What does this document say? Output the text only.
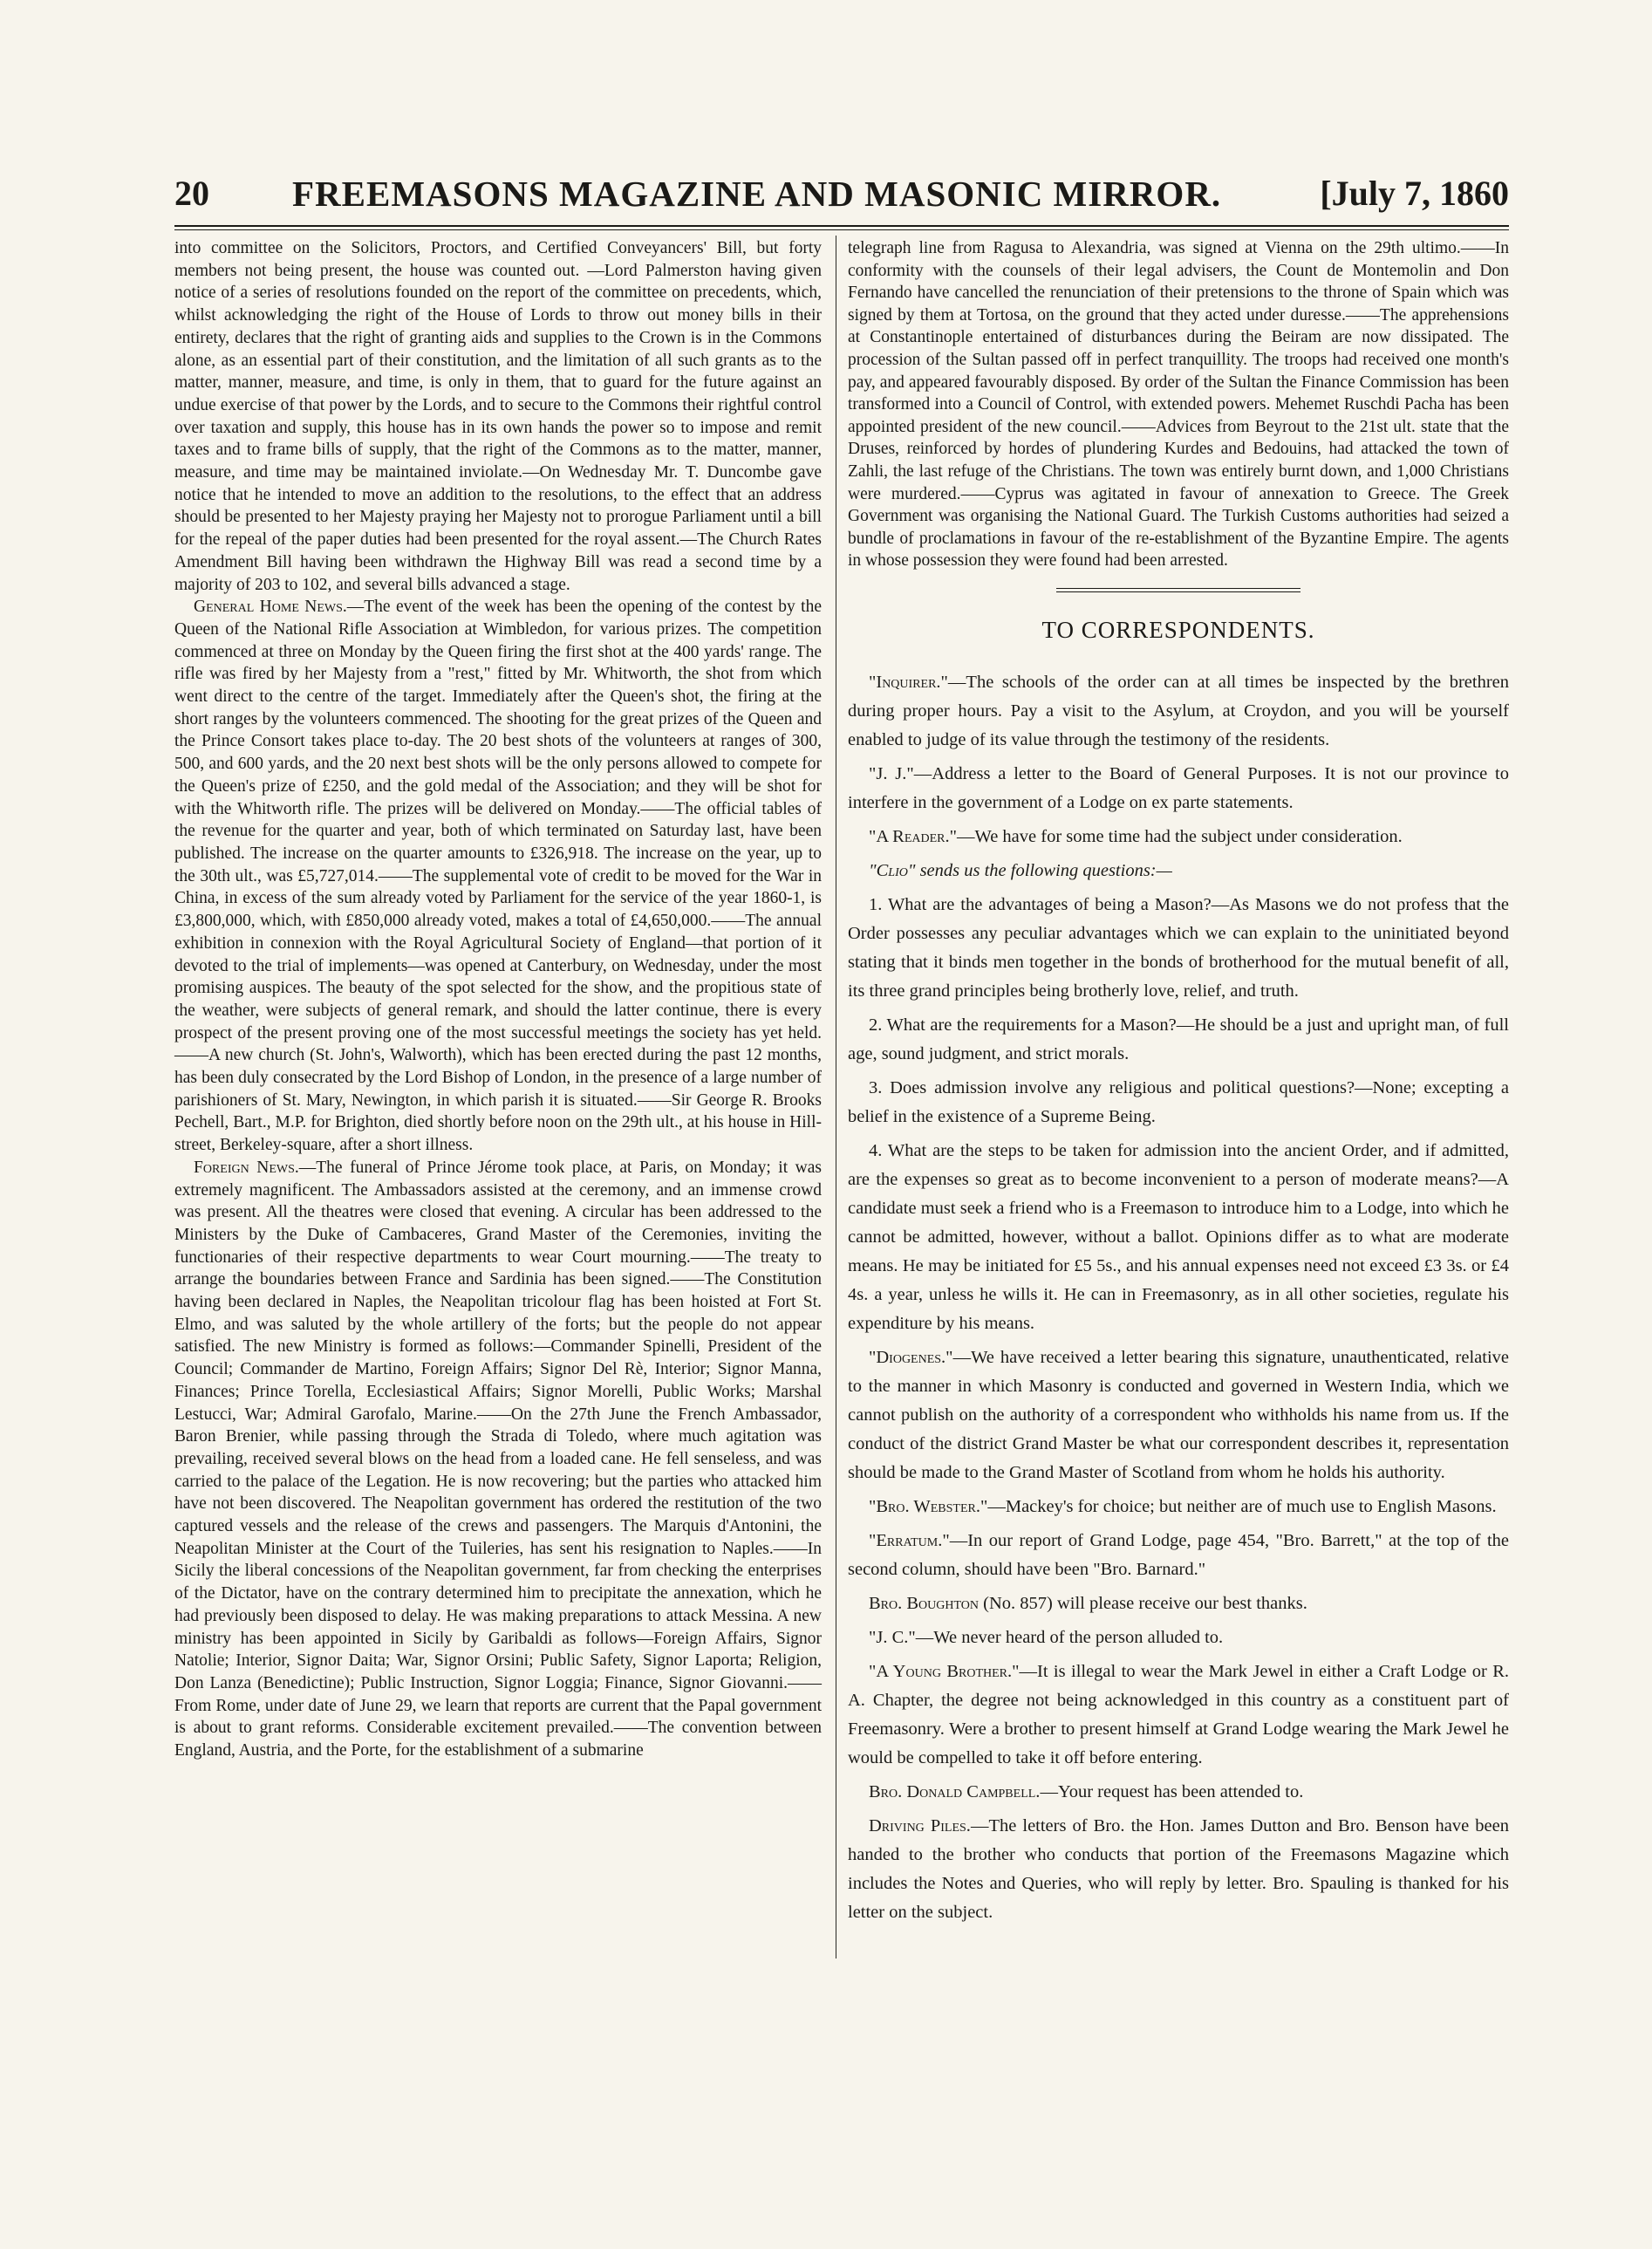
20 FREEMASONS MAGAZINE AND MASONIC MIRROR.	[July 7, 1860

into committee on the Solicitors, Proctors, and Certified Conveyancers' Bill, but forty members not being present, the house was counted out. —Lord Palmerston having given notice of a series of resolutions founded on the report of the committee on precedents, which, whilst acknowledging the right of the House of Lords to throw out money bills in their entirety, declares that the right of granting aids and supplies to the Crown is in the Commons alone, as an essential part of their constitution, and the limitation of all such grants as to the matter, manner, measure, and time, is only in them, that to guard for the future against an undue exercise of that power by the Lords, and to secure to the Commons their rightful control over taxation and supply, this house has in its own hands the power so to impose and remit taxes and to frame bills of supply, that the right of the Commons as to the matter, manner, measure, and time may be maintained inviolate.—On Wednesday Mr. T. Duncombe gave notice that he intended to move an addition to the resolutions, to the effect that an address should be presented to her Majesty praying her Majesty not to prorogue Parliament until a bill for the repeal of the paper duties had been presented for the royal assent.—The Church Rates Amendment Bill having been withdrawn the Highway Bill was read a second time by a majority of 203 to 102, and several bills advanced a stage.

General Home News.—The event of the week has been the opening of the contest by the Queen of the National Rifle Association at Wimbledon, for various prizes. The competition commenced at three on Monday by the Queen firing the first shot at the 400 yards' range. The rifle was fired by her Majesty from a "rest," fitted by Mr. Whitworth, the shot from which went direct to the centre of the target. Immediately after the Queen's shot, the firing at the short ranges by the volunteers commenced. The shooting for the great prizes of the Queen and the Prince Consort takes place to-day. The 20 best shots of the volunteers at ranges of 300, 500, and 600 yards, and the 20 next best shots will be the only persons allowed to compete for the Queen's prize of £250, and the gold medal of the Association; and they will be shot for with the Whitworth rifle. The prizes will be delivered on Monday.——The official tables of the revenue for the quarter and year, both of which terminated on Saturday last, have been published. The increase on the quarter amounts to £326,918. The increase on the year, up to the 30th ult., was £5,727,014.——The supplemental vote of credit to be moved for the War in China, in excess of the sum already voted by Parliament for the service of the year 1860-1, is £3,800,000, which, with £850,000 already voted, makes a total of £4,650,000.——The annual exhibition in connexion with the Royal Agricultural Society of England—that portion of it devoted to the trial of implements—was opened at Canterbury, on Wednesday, under the most promising auspices. The beauty of the spot selected for the show, and the propitious state of the weather, were subjects of general remark, and should the latter continue, there is every prospect of the present proving one of the most successful meetings the society has yet held.——A new church (St. John's, Walworth), which has been erected during the past 12 months, has been duly consecrated by the Lord Bishop of London, in the presence of a large number of parishioners of St. Mary, Newington, in which parish it is situated.——Sir George R. Brooks Pechell, Bart., M.P. for Brighton, died shortly before noon on the 29th ult., at his house in Hill-street, Berkeley-square, after a short illness.

Foreign News.—The funeral of Prince Jérome took place, at Paris, on Monday; it was extremely magnificent. The Ambassadors assisted at the ceremony, and an immense crowd was present. All the theatres were closed that evening. A circular has been addressed to the Ministers by the Duke of Cambaceres, Grand Master of the Ceremonies, inviting the functionaries of their respective departments to wear Court mourning.——The treaty to arrange the boundaries between France and Sardinia has been signed.——The Constitution having been declared in Naples, the Neapolitan tricolour flag has been hoisted at Fort St. Elmo, and was saluted by the whole artillery of the forts; but the people do not appear satisfied. The new Ministry is formed as follows:—Commander Spinelli, President of the Council; Commander de Martino, Foreign Affairs; Signor Del Rè, Interior; Signor Manna, Finances; Prince Torella, Ecclesiastical Affairs; Signor Morelli, Public Works; Marshal Lestucci, War; Admiral Garofalo, Marine.——On the 27th June the French Ambassador, Baron Brenier, while passing through the Strada di Toledo, where much agitation was prevailing, received several blows on the head from a loaded cane. He fell senseless, and was carried to the palace of the Legation. He is now recovering; but the parties who attacked him have not been discovered. The Neapolitan government has ordered the restitution of the two captured vessels and the release of the crews and passengers. The Marquis d'Antonini, the Neapolitan Minister at the Court of the Tuileries, has sent his resignation to Naples.——In Sicily the liberal concessions of the Neapolitan government, far from checking the enterprises of the Dictator, have on the contrary determined him to precipitate the annexation, which he had previously been disposed to delay. He was making preparations to attack Messina. A new ministry has been appointed in Sicily by Garibaldi as follows—Foreign Affairs, Signor Natolie; Interior, Signor Daita; War, Signor Orsini; Public Safety, Signor Laporta; Religion, Don Lanza (Benedictine); Public Instruction, Signor Loggia; Finance, Signor Giovanni.——From Rome, under date of June 29, we learn that reports are current that the Papal government is about to grant reforms. Considerable excitement prevailed.——The convention between England, Austria, and the Porte, for the establishment of a submarine

telegraph line from Ragusa to Alexandria, was signed at Vienna on the 29th ultimo.——In conformity with the counsels of their legal advisers, the Count de Montemolin and Don Fernando have cancelled the renunciation of their pretensions to the throne of Spain which was signed by them at Tortosa, on the ground that they acted under duresse.——The apprehensions at Constantinople entertained of disturbances during the Beiram are now dissipated. The procession of the Sultan passed off in perfect tranquillity. The troops had received one month's pay, and appeared favourably disposed. By order of the Sultan the Finance Commission has been transformed into a Council of Control, with extended powers. Mehemet Ruschdi Pacha has been appointed president of the new council.——Advices from Beyrout to the 21st ult. state that the Druses, reinforced by hordes of plundering Kurdes and Bedouins, had attacked the town of Zahli, the last refuge of the Christians. The town was entirely burnt down, and 1,000 Christians were murdered.——Cyprus was agitated in favour of annexation to Greece. The Greek Government was organising the National Guard. The Turkish Customs authorities had seized a bundle of proclamations in favour of the re-establishment of the Byzantine Empire. The agents in whose possession they were found had been arrested.

TO CORRESPONDENTS.

"Inquirer."—The schools of the order can at all times be inspected by the brethren during proper hours. Pay a visit to the Asylum, at Croydon, and you will be yourself enabled to judge of its value through the testimony of the residents.

"J. J."—Address a letter to the Board of General Purposes. It is not our province to interfere in the government of a Lodge on ex parte statements.

"A Reader."—We have for some time had the subject under consideration.

"Clio" sends us the following questions:—

1. What are the advantages of being a Mason?—As Masons we do not profess that the Order possesses any peculiar advantages which we can explain to the uninitiated beyond stating that it binds men together in the bonds of brotherhood for the mutual benefit of all, its three grand principles being brotherly love, relief, and truth.

2. What are the requirements for a Mason?—He should be a just and upright man, of full age, sound judgment, and strict morals.

3. Does admission involve any religious and political questions?—None; excepting a belief in the existence of a Supreme Being.

4. What are the steps to be taken for admission into the ancient Order, and if admitted, are the expenses so great as to become inconvenient to a person of moderate means?—A candidate must seek a friend who is a Freemason to introduce him to a Lodge, into which he cannot be admitted, however, without a ballot. Opinions differ as to what are moderate means. He may be initiated for £5 5s., and his annual expenses need not exceed £3 3s. or £4 4s. a year, unless he wills it. He can in Freemasonry, as in all other societies, regulate his expenditure by his means.

"Diogenes."—We have received a letter bearing this signature, unauthenticated, relative to the manner in which Masonry is conducted and governed in Western India, which we cannot publish on the authority of a correspondent who withholds his name from us. If the conduct of the district Grand Master be what our correspondent describes it, representation should be made to the Grand Master of Scotland from whom he holds his authority.

"Bro. Webster."—Mackey's for choice; but neither are of much use to English Masons.

"Erratum."—In our report of Grand Lodge, page 454, "Bro. Barrett," at the top of the second column, should have been "Bro. Barnard."

Bro. Boughton (No. 857) will please receive our best thanks.

"J. C."—We never heard of the person alluded to.

"A Young Brother."—It is illegal to wear the Mark Jewel in either a Craft Lodge or R. A. Chapter, the degree not being acknowledged in this country as a constituent part of Freemasonry. Were a brother to present himself at Grand Lodge wearing the Mark Jewel he would be compelled to take it off before entering.

Bro. Donald Campbell.—Your request has been attended to.

Driving Piles.—The letters of Bro. the Hon. James Dutton and Bro. Benson have been handed to the brother who conducts that portion of the Freemasons Magazine which includes the Notes and Queries, who will reply by letter. Bro. Spauling is thanked for his letter on the subject.
